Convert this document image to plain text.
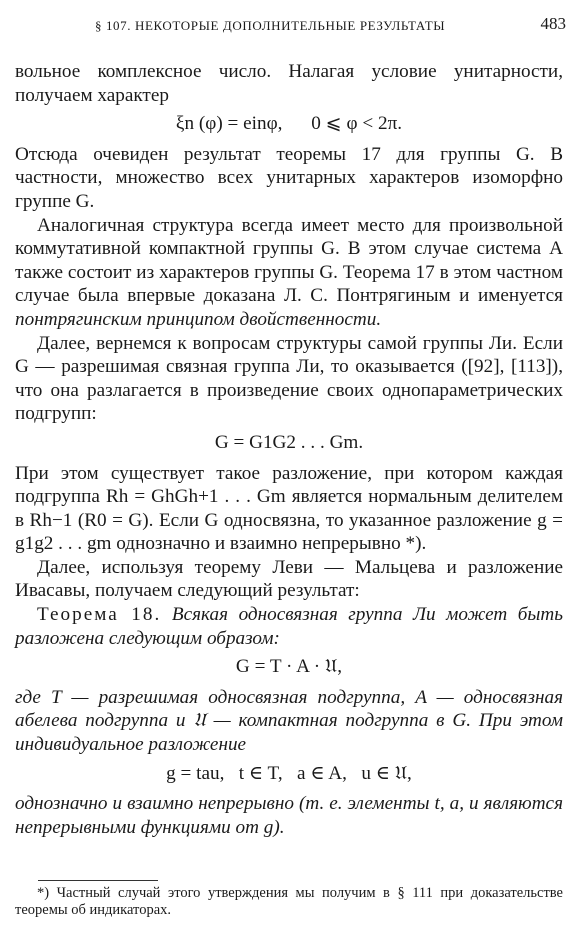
§ 107. НЕКОТОРЫЕ ДОПОЛНИТЕЛЬНЫЕ РЕЗУЛЬТАТЫ	483

вольное комплексное число. Налагая условие унитарности, получаем характер

ξn (φ) = einφ,      0 ⩽ φ < 2π.

Отсюда очевиден результат теоремы 17 для группы G. В частности, множество всех унитарных характеров изоморфно группе G.

Аналогичная структура всегда имеет место для произвольной коммутативной компактной группы G. В этом случае система A также состоит из характеров группы G. Теорема 17 в этом частном случае была впервые доказана Л. С. Понтрягиным и именуется понтрягинским принципом двойственности.

Далее, вернемся к вопросам структуры самой группы Ли. Если G — разрешимая связная группа Ли, то оказывается ([92], [113]), что она разлагается в произведение своих однопараметрических подгрупп:

G = G1G2 . . . Gm.

При этом существует такое разложение, при котором каждая подгруппа Rh = GhGh+1 . . . Gm является нормальным делителем в Rh−1 (R0 = G). Если G односвязна, то указанное разложение g = g1g2 . . . gm однозначно и взаимно непрерывно *).

Далее, используя теорему Леви — Мальцева и разложение Ивасавы, получаем следующий результат:

Теорема 18. Всякая односвязная группа Ли может быть разложена следующим образом:

G = T · A · 𝔘,

где T — разрешимая односвязная подгруппа, A — односвязная абелева подгруппа и 𝔘 — компактная подгруппа в G. При этом индивидуальное разложение

g = tau,   t ∈ T,   a ∈ A,   u ∈ 𝔘,

однозначно и взаимно непрерывно (т. е. элементы t, a, u являются непрерывными функциями от g).

*) Частный случай этого утверждения мы получим в § 111 при доказательстве теоремы об индикаторах.
